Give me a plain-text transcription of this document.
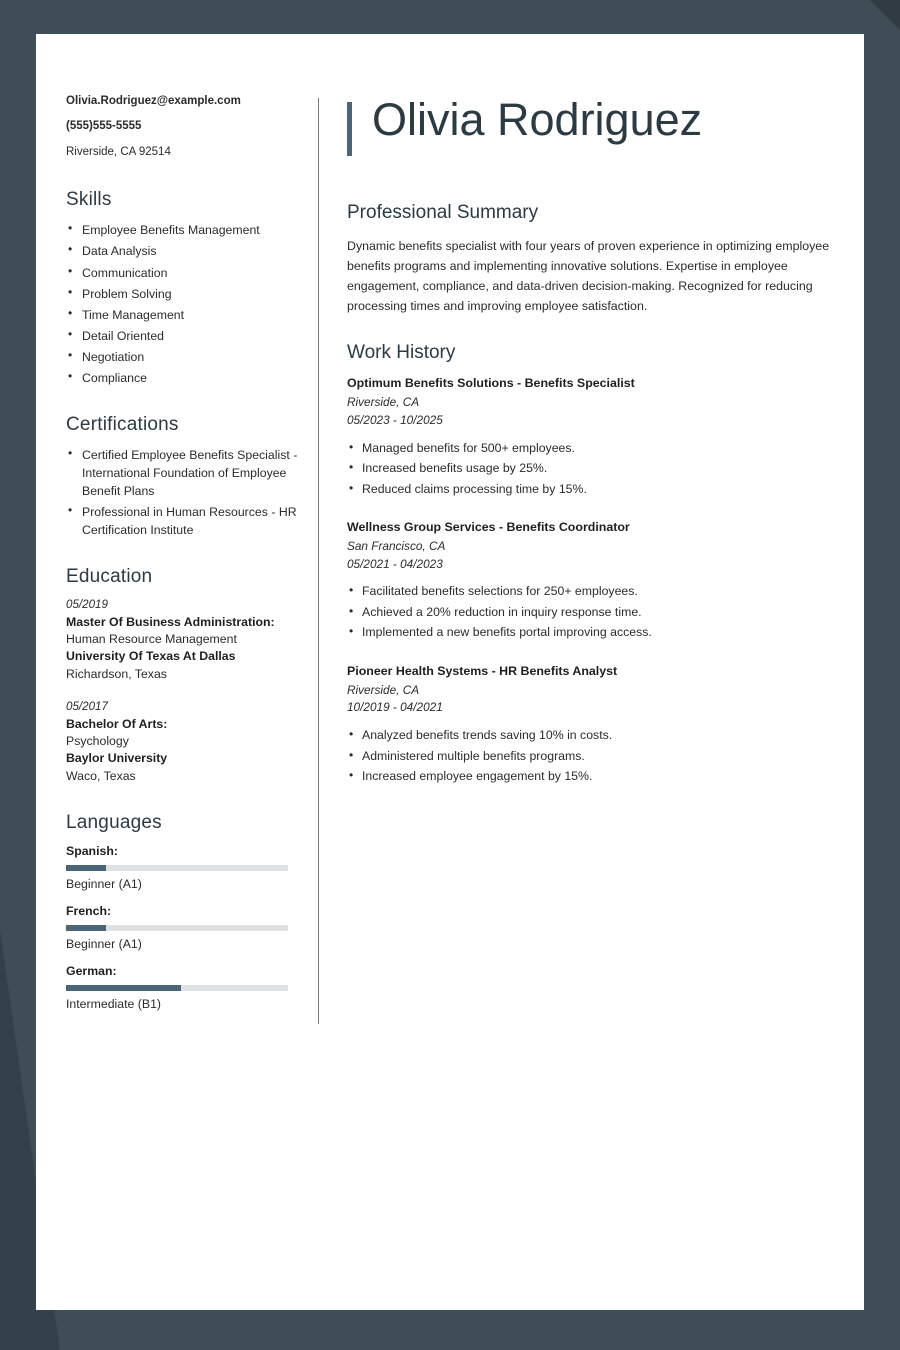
Olivia.Rodriguez@example.com
(555)555-5555
Riverside, CA 92514
Skills
• Employee Benefits Management
• Data Analysis
• Communication
• Problem Solving
• Time Management
• Detail Oriented
• Negotiation
• Compliance
Certifications
• Certified Employee Benefits Specialist - International Foundation of Employee Benefit Plans
• Professional in Human Resources - HR Certification Institute
Education
05/2019
Master Of Business Administration:
Human Resource Management
University Of Texas At Dallas
Richardson, Texas
05/2017
Bachelor Of Arts:
Psychology
Baylor University
Waco, Texas
Languages
Spanish:
Beginner (A1)
French:
Beginner (A1)
German:
Intermediate (B1)
Olivia Rodriguez
Professional Summary

Dynamic benefits specialist with four years of proven experience in optimizing employee benefits programs and implementing innovative solutions. Expertise in employee engagement, compliance, and data-driven decision-making. Recognized for reducing processing times and improving employee satisfaction.

Work History
Optimum Benefits Solutions - Benefits Specialist
Riverside, CA
05/2023 - 10/2025
• Managed benefits for 500+ employees.
• Increased benefits usage by 25%.
• Reduced claims processing time by 15%.
Wellness Group Services - Benefits Coordinator
San Francisco, CA
05/2021 - 04/2023
• Facilitated benefits selections for 250+ employees.
• Achieved a 20% reduction in inquiry response time.
• Implemented a new benefits portal improving access.
Pioneer Health Systems - HR Benefits Analyst
Riverside, CA
10/2019 - 04/2021
• Analyzed benefits trends saving 10% in costs.
• Administered multiple benefits programs.
• Increased employee engagement by 15%.
